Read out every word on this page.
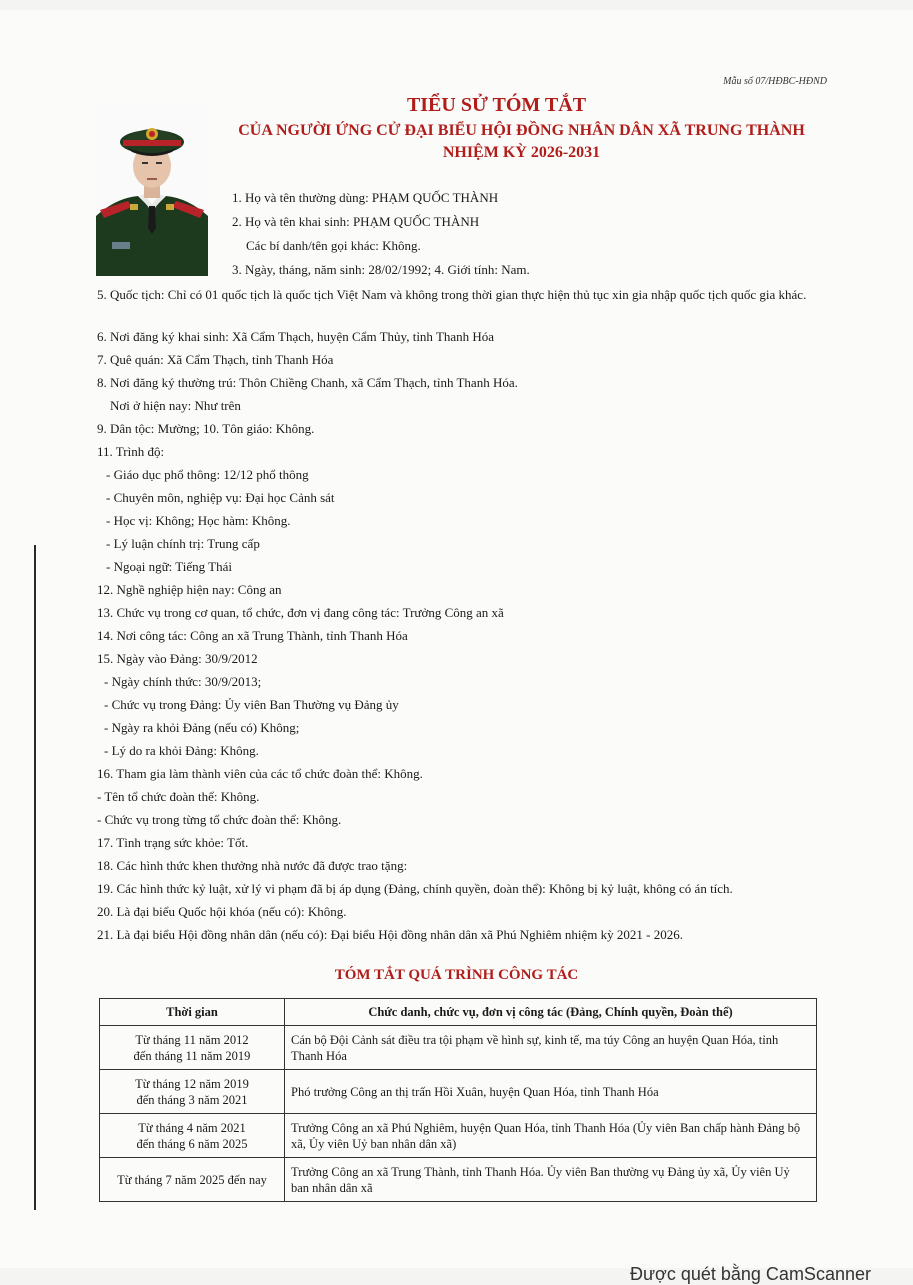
Mẫu số 07/HĐBC-HĐND
TIỂU SỬ TÓM TẮT
CỦA NGƯỜI ỨNG CỬ ĐẠI BIỂU HỘI ĐỒNG NHÂN DÂN XÃ TRUNG THÀNH
NHIỆM KỲ 2026-2031
1. Họ và tên thường dùng: PHẠM QUỐC THÀNH
2. Họ và tên khai sinh: PHẠM QUỐC THÀNH
Các bí danh/tên gọi khác: Không.
3. Ngày, tháng, năm sinh: 28/02/1992; 4. Giới tính: Nam.
5. Quốc tịch: Chỉ có 01 quốc tịch là quốc tịch Việt Nam và không trong thời gian thực hiện thủ tục xin gia nhập quốc tịch quốc gia khác.
6. Nơi đăng ký khai sinh: Xã Cẩm Thạch, huyện Cẩm Thủy, tỉnh Thanh Hóa
7. Quê quán: Xã Cẩm Thạch, tỉnh Thanh Hóa
8. Nơi đăng ký thường trú: Thôn Chiềng Chanh, xã Cẩm Thạch, tỉnh Thanh Hóa.
Nơi ở hiện nay: Như trên
9. Dân tộc: Mường; 10. Tôn giáo: Không.
11. Trình độ:
- Giáo dục phổ thông: 12/12 phổ thông
- Chuyên môn, nghiệp vụ: Đại học Cảnh sát
- Học vị: Không; Học hàm: Không.
- Lý luận chính trị: Trung cấp
- Ngoại ngữ: Tiếng Thái
12. Nghề nghiệp hiện nay: Công an
13. Chức vụ trong cơ quan, tổ chức, đơn vị đang công tác: Trưởng Công an xã
14. Nơi công tác: Công an xã Trung Thành, tỉnh Thanh Hóa
15. Ngày vào Đảng: 30/9/2012
- Ngày chính thức: 30/9/2013;
- Chức vụ trong Đảng: Ủy viên Ban Thường vụ Đảng ủy
- Ngày ra khỏi Đảng (nếu có) Không;
- Lý do ra khỏi Đảng: Không.
16. Tham gia làm thành viên của các tổ chức đoàn thể: Không.
- Tên tổ chức đoàn thể: Không.
- Chức vụ trong từng tổ chức đoàn thể: Không.
17. Tình trạng sức khỏe: Tốt.
18. Các hình thức khen thưởng nhà nước đã được trao tặng:
19. Các hình thức kỷ luật, xử lý vi phạm đã bị áp dụng (Đảng, chính quyền, đoàn thể): Không bị kỷ luật, không có án tích.
20. Là đại biểu Quốc hội khóa (nếu có): Không.
21. Là đại biểu Hội đồng nhân dân (nếu có): Đại biểu Hội đồng nhân dân xã Phú Nghiêm nhiệm kỳ 2021 - 2026.
TÓM TẮT QUÁ TRÌNH CÔNG TÁC
Thời gian	Chức danh, chức vụ, đơn vị công tác (Đảng, Chính quyền, Đoàn thể)
Từ tháng 11 năm 2012
đến tháng 11 năm 2019	Cán bộ Đội Cảnh sát điều tra tội phạm về hình sự, kinh tế, ma túy Công an huyện Quan Hóa, tỉnh Thanh Hóa
Từ tháng 12 năm 2019
đến tháng 3 năm 2021	Phó trưởng Công an thị trấn Hồi Xuân, huyện Quan Hóa, tỉnh Thanh Hóa
Từ tháng 4 năm 2021
đến tháng 6 năm 2025	Trưởng Công an xã Phú Nghiêm, huyện Quan Hóa, tỉnh Thanh Hóa (Ủy viên Ban chấp hành Đảng bộ xã, Ủy viên Uỷ ban nhân dân xã)
Từ tháng 7 năm 2025 đến nay	Trưởng Công an xã Trung Thành, tỉnh Thanh Hóa. Ủy viên Ban thường vụ Đảng ủy xã, Ủy viên Uỷ ban nhân dân xã
Được quét bằng CamScanner
